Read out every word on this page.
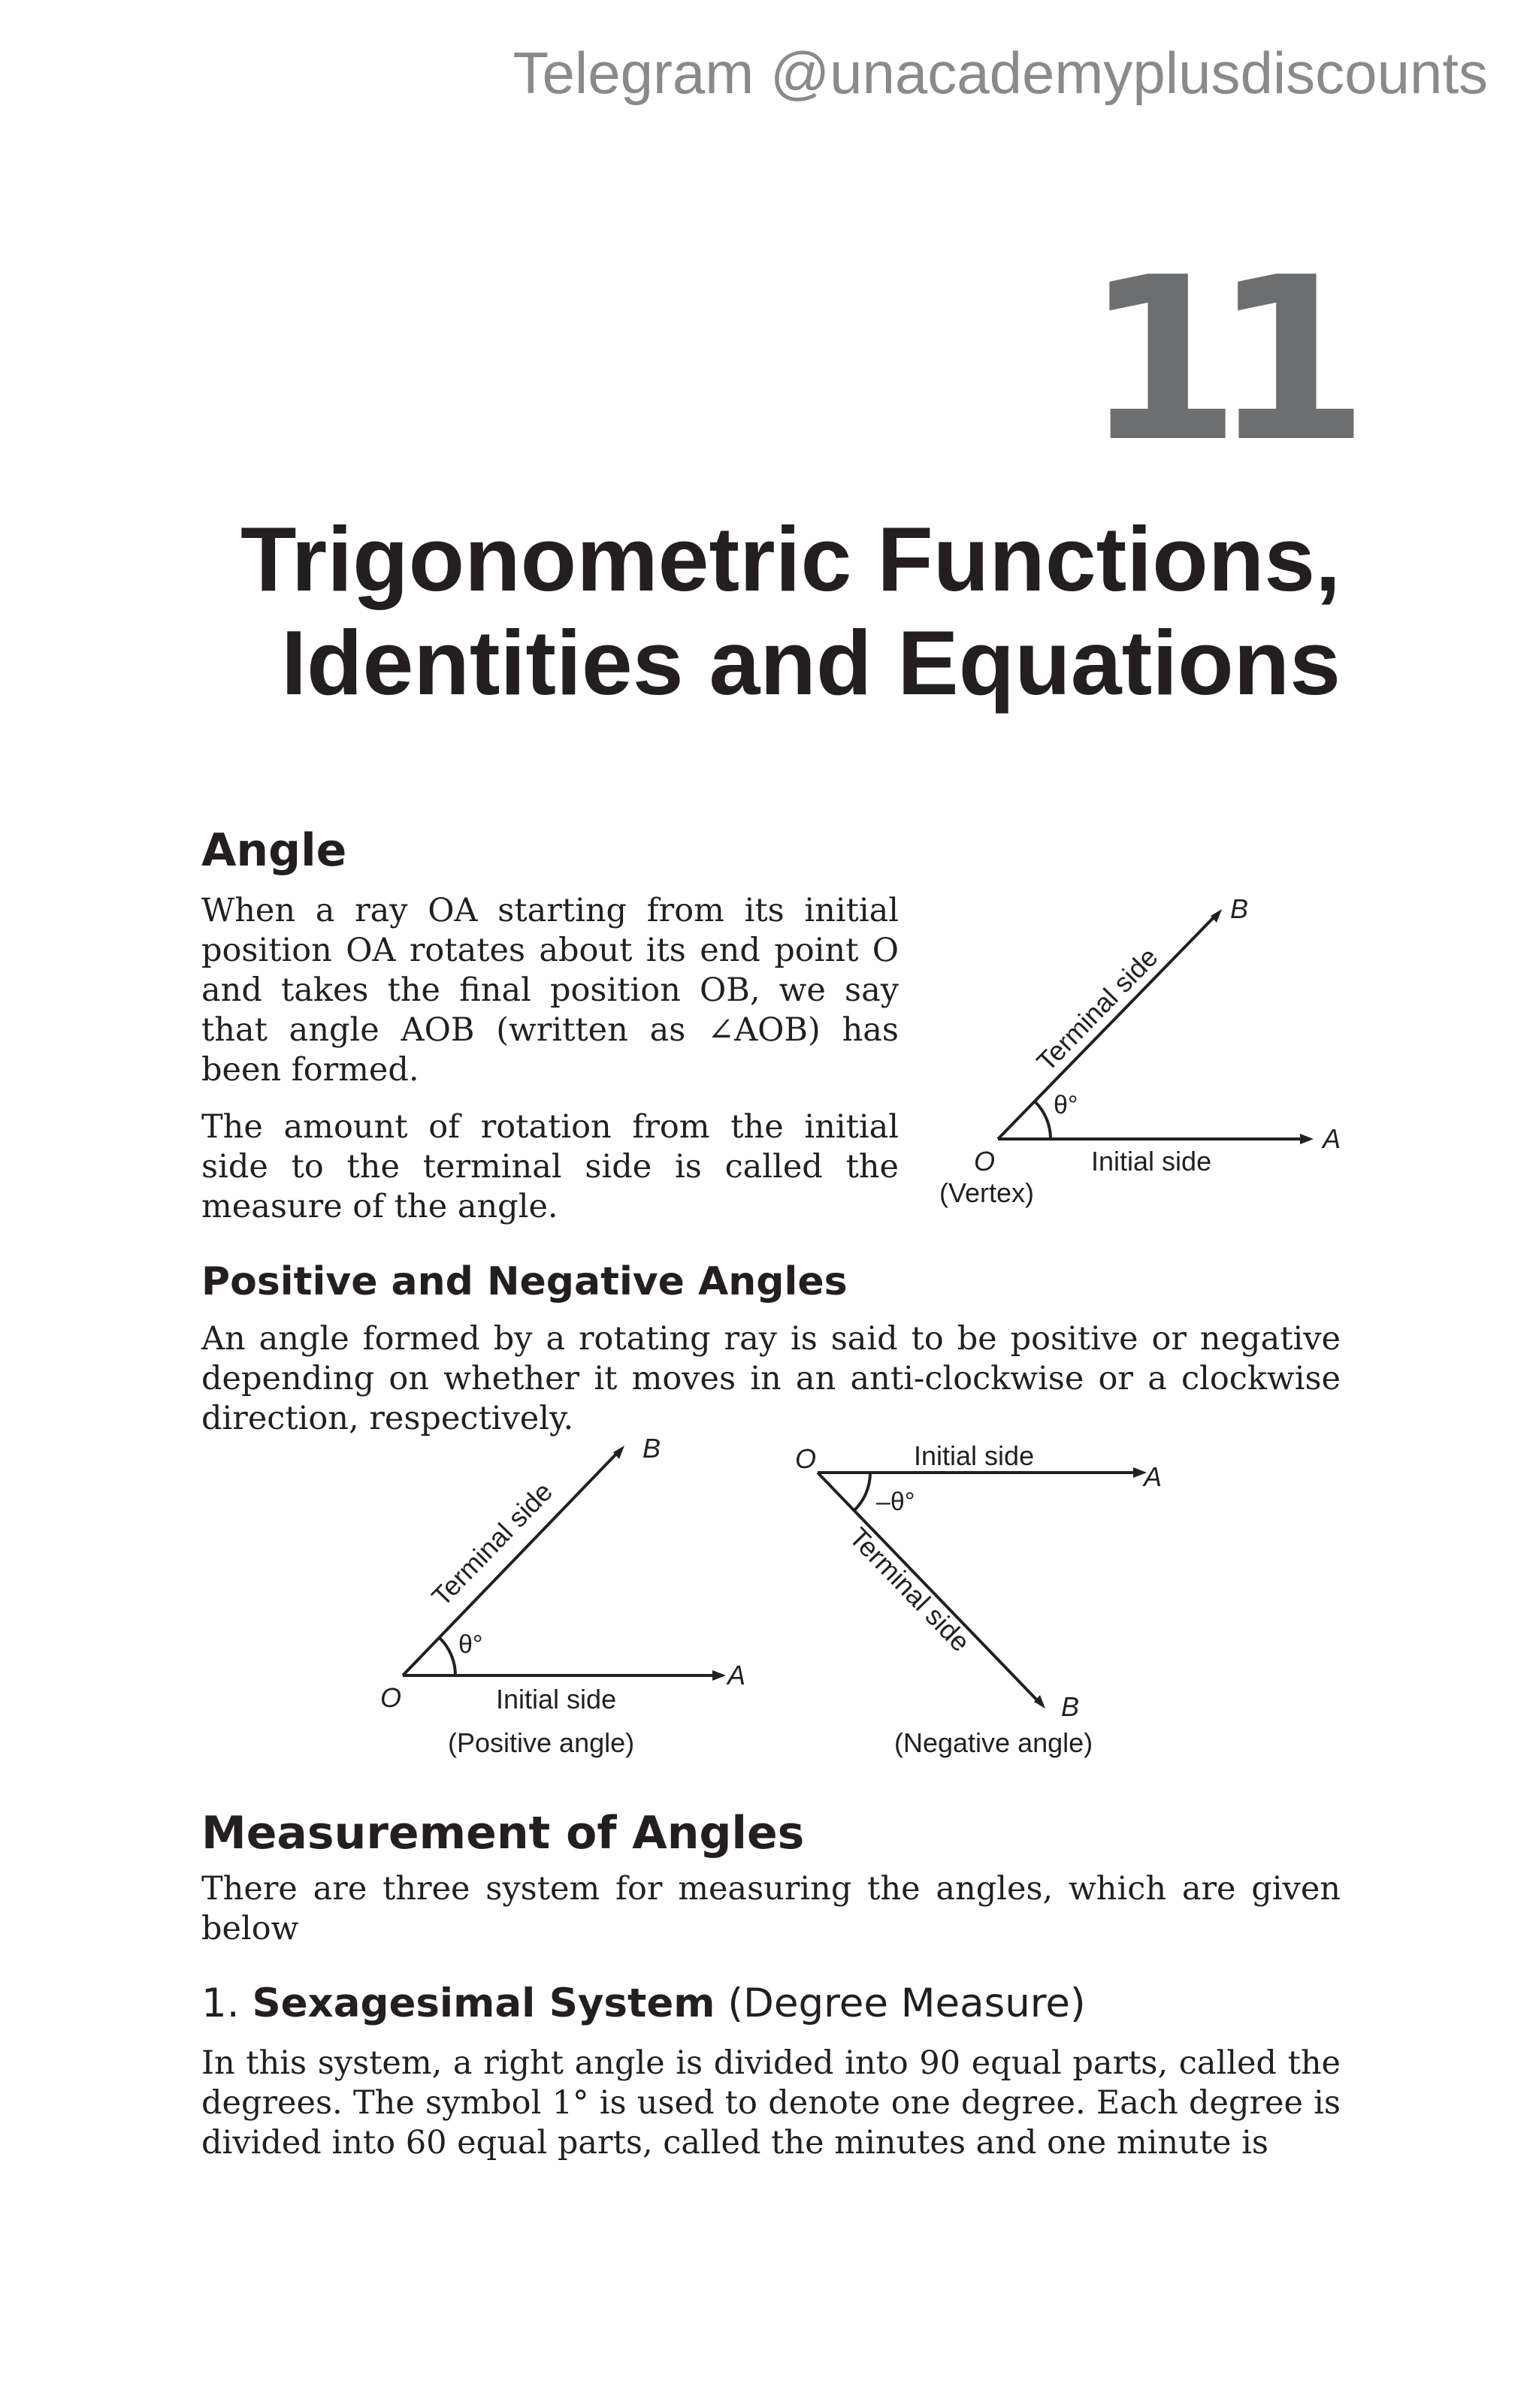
Telegram @unacademyplusdiscounts
11
Trigonometric Functions,
Identities and Equations
Angle
When a ray OA starting from its initial position OA rotates about its end point O and takes the final position OB, we say that angle AOB (written as ∠AOB) has been formed.
The amount of rotation from the initial side to the terminal side is called the measure of the angle.
B
A
O
Terminal side
Initial side
θ°
(Vertex)
Positive and Negative Angles
An angle formed by a rotating ray is said to be positive or negative depending on whether it moves in an anti-clockwise or a clockwise direction, respectively.
B
A
O
Terminal side
Initial side
θ°
(Positive angle)
O
A
B
Initial side
Terminal side
–θ°
(Negative angle)
Measurement of Angles
There are three system for measuring the angles, which are given below
1. Sexagesimal System (Degree Measure)
In this system, a right angle is divided into 90 equal parts, called the degrees. The symbol 1° is used to denote one degree. Each degree is divided into 60 equal parts, called the minutes and one minute is
